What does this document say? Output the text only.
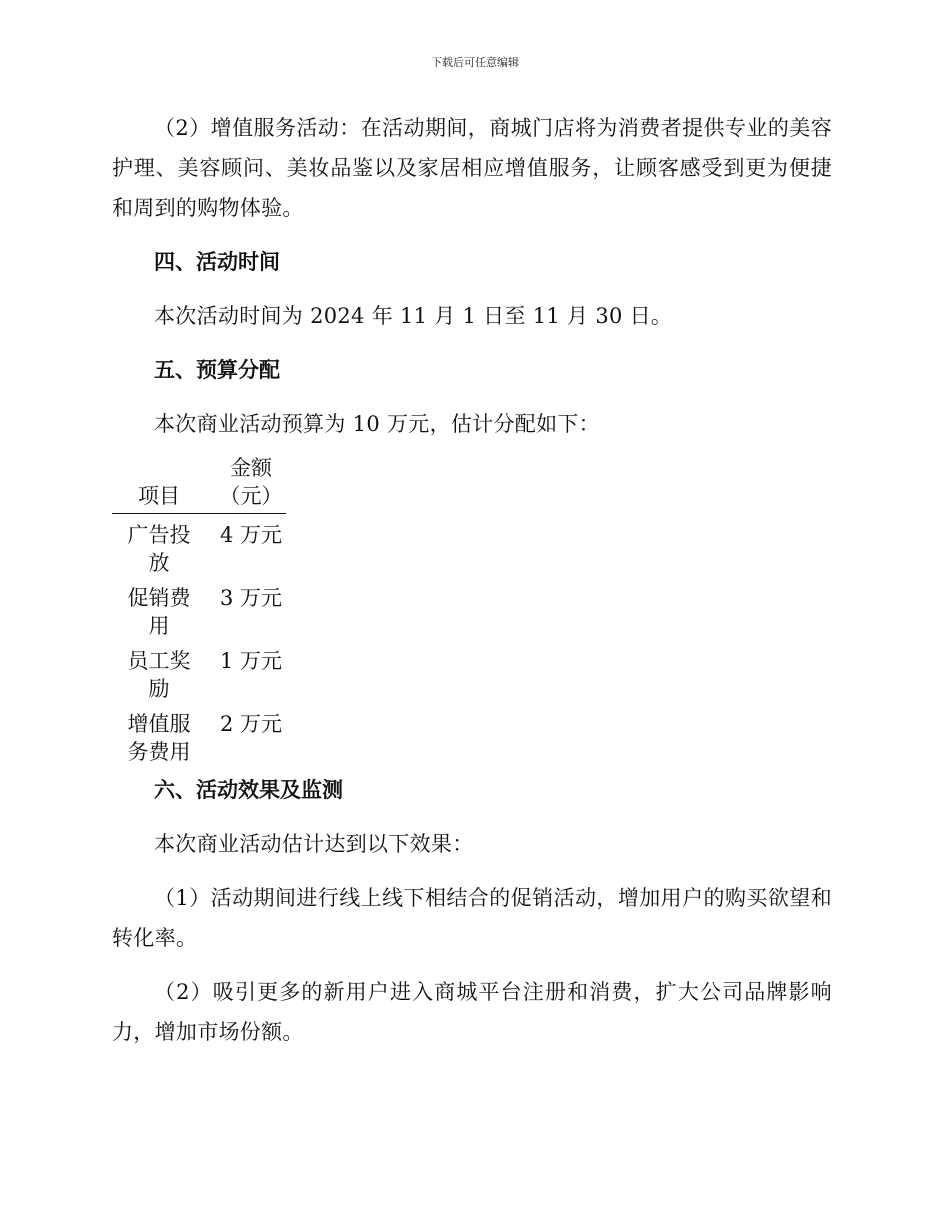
下载后可任意编辑

（2）增值服务活动：在活动期间，商城门店将为消费者提供专业的美容护理、美容顾问、美妆品鉴以及家居相应增值服务，让顾客感受到更为便捷和周到的购物体验。

四、活动时间

本次活动时间为 2024 年 11 月 1 日至 11 月 30 日。

五、预算分配

本次商业活动预算为 10 万元，估计分配如下：

项目	金额（元）
广告投放	4 万元
促销费用	3 万元
员工奖励	1 万元
增值服务费用	2 万元
六、活动效果及监测

本次商业活动估计达到以下效果：

（1）活动期间进行线上线下相结合的促销活动，增加用户的购买欲望和转化率。

（2）吸引更多的新用户进入商城平台注册和消费，扩大公司品牌影响力，增加市场份额。
